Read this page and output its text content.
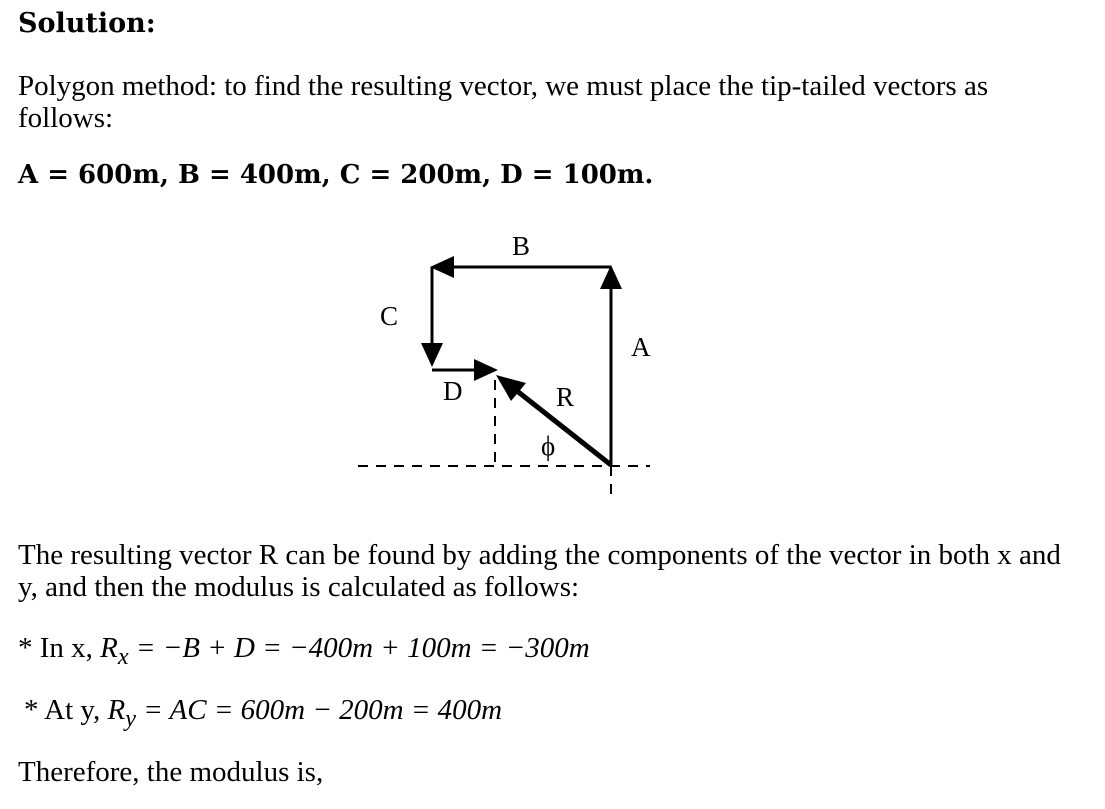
Solution:
Polygon method: to find the resulting vector, we must place the tip-tailed vectors as follows:
A = 600m, B = 400m, C = 200m, D = 100m.
B
C
A
D	R
ϕ
The resulting vector R can be found by adding the components of the vector in both x and y, and then the modulus is calculated as follows:
* In x, $R_x = -B + D = -400m + 100m = -300m$
* At y, $R_y$ = AC = 600m − 200m = 400m
Therefore, the modulus is,
